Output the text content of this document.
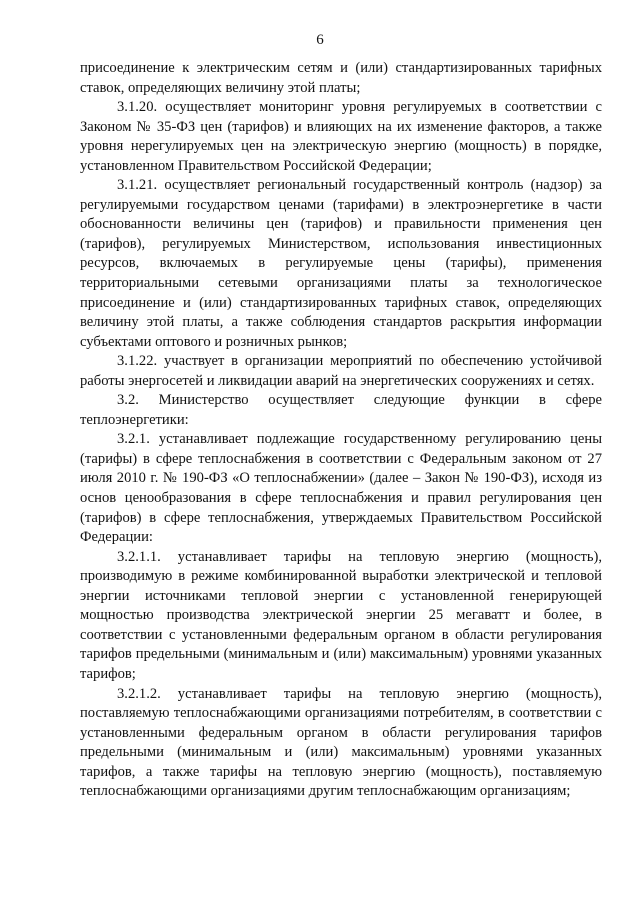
6

присоединение к электрическим сетям и (или) стандартизированных тарифных ставок, определяющих величину этой платы;

3.1.20. осуществляет мониторинг уровня регулируемых в соответствии с Законом № 35-ФЗ цен (тарифов) и влияющих на их изменение факторов, а также уровня нерегулируемых цен на электрическую энергию (мощность) в порядке, установленном Правительством Российской Федерации;

3.1.21. осуществляет региональный государственный контроль (надзор) за регулируемыми государством ценами (тарифами) в электроэнергетике в части обоснованности величины цен (тарифов) и правильности применения цен (тарифов), регулируемых Министерством, использования инвестиционных ресурсов, включаемых в регулируемые цены (тарифы), применения территориальными сетевыми организациями платы за технологическое присоединение и (или) стандартизированных тарифных ставок, определяющих величину этой платы, а также соблюдения стандартов раскрытия информации субъектами оптового и розничных рынков;

3.1.22. участвует в организации мероприятий по обеспечению устойчивой работы энергосетей и ликвидации аварий на энергетических сооружениях и сетях.

3.2. Министерство осуществляет следующие функции в сфере теплоэнергетики:

3.2.1. устанавливает подлежащие государственному регулированию цены (тарифы) в сфере теплоснабжения в соответствии с Федеральным законом от 27 июля 2010 г. № 190-ФЗ «О теплоснабжении» (далее – Закон № 190-ФЗ), исходя из основ ценообразования в сфере теплоснабжения и правил регулирования цен (тарифов) в сфере теплоснабжения, утверждаемых Правительством Российской Федерации:

3.2.1.1. устанавливает тарифы на тепловую энергию (мощность), производимую в режиме комбинированной выработки электрической и тепловой энергии источниками тепловой энергии с установленной генерирующей мощностью производства электрической энергии 25 мегаватт и более, в соответствии с установленными федеральным органом в области регулирования тарифов предельными (минимальным и (или) максимальным) уровнями указанных тарифов;

3.2.1.2. устанавливает тарифы на тепловую энергию (мощность), поставляемую теплоснабжающими организациями потребителям, в соответствии с установленными федеральным органом в области регулирования тарифов предельными (минимальным и (или) максимальным) уровнями указанных тарифов, а также тарифы на тепловую энергию (мощность), поставляемую теплоснабжающими организациями другим теплоснабжающим организациям;
